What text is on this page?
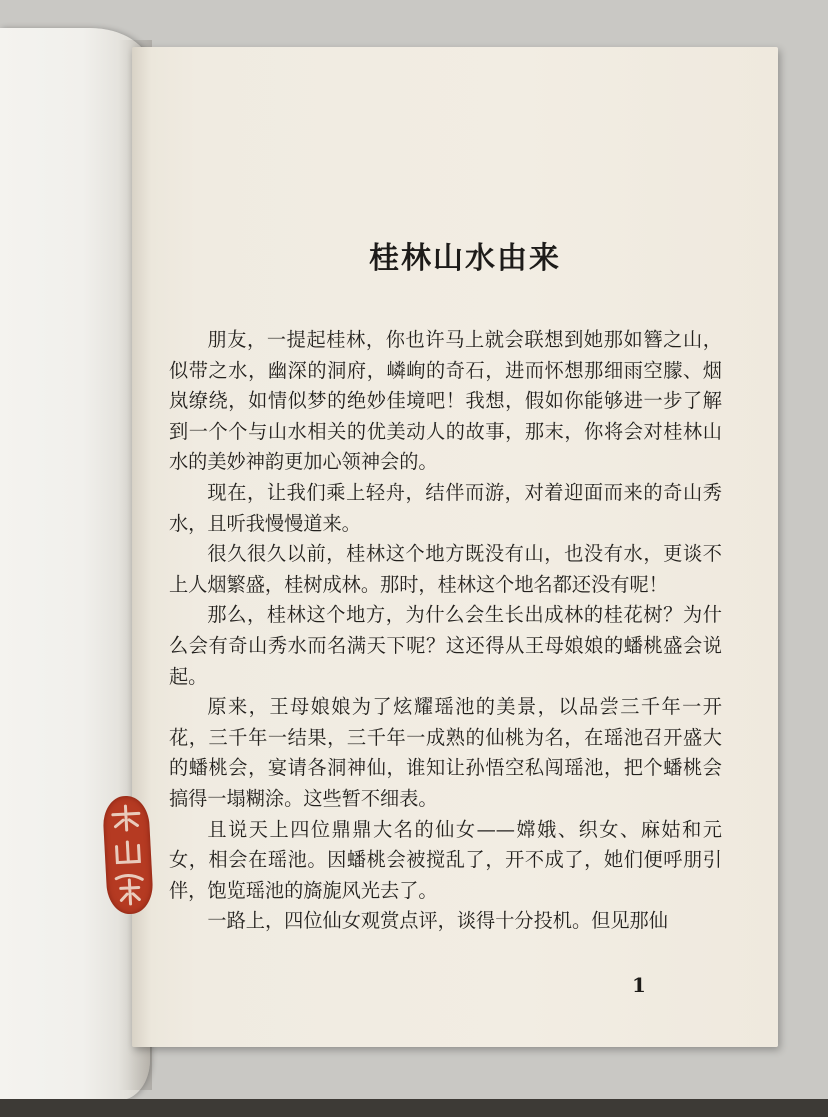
桂林山水由来

朋友，一提起桂林，你也许马上就会联想到她那如簪之山，似带之水，幽深的洞府，嶙峋的奇石，进而怀想那细雨空朦、烟岚缭绕，如情似梦的绝妙佳境吧！我想，假如你能够进一步了解到一个个与山水相关的优美动人的故事，那末，你将会对桂林山水的美妙神韵更加心领神会的。

现在，让我们乘上轻舟，结伴而游，对着迎面而来的奇山秀水，且听我慢慢道来。

很久很久以前，桂林这个地方既没有山，也没有水，更谈不上人烟繁盛，桂树成林。那时，桂林这个地名都还没有呢！

那么，桂林这个地方，为什么会生长出成林的桂花树？为什么会有奇山秀水而名满天下呢？这还得从王母娘娘的蟠桃盛会说起。

原来，王母娘娘为了炫耀瑶池的美景，以品尝三千年一开花，三千年一结果，三千年一成熟的仙桃为名，在瑶池召开盛大的蟠桃会，宴请各洞神仙，谁知让孙悟空私闯瑶池，把个蟠桃会搞得一塌糊涂。这些暂不细表。

且说天上四位鼎鼎大名的仙女——嫦娥、织女、麻姑和元女，相会在瑶池。因蟠桃会被搅乱了，开不成了，她们便呼朋引伴，饱览瑶池的旖旎风光去了。

一路上，四位仙女观赏点评，谈得十分投机。但见那仙

1
